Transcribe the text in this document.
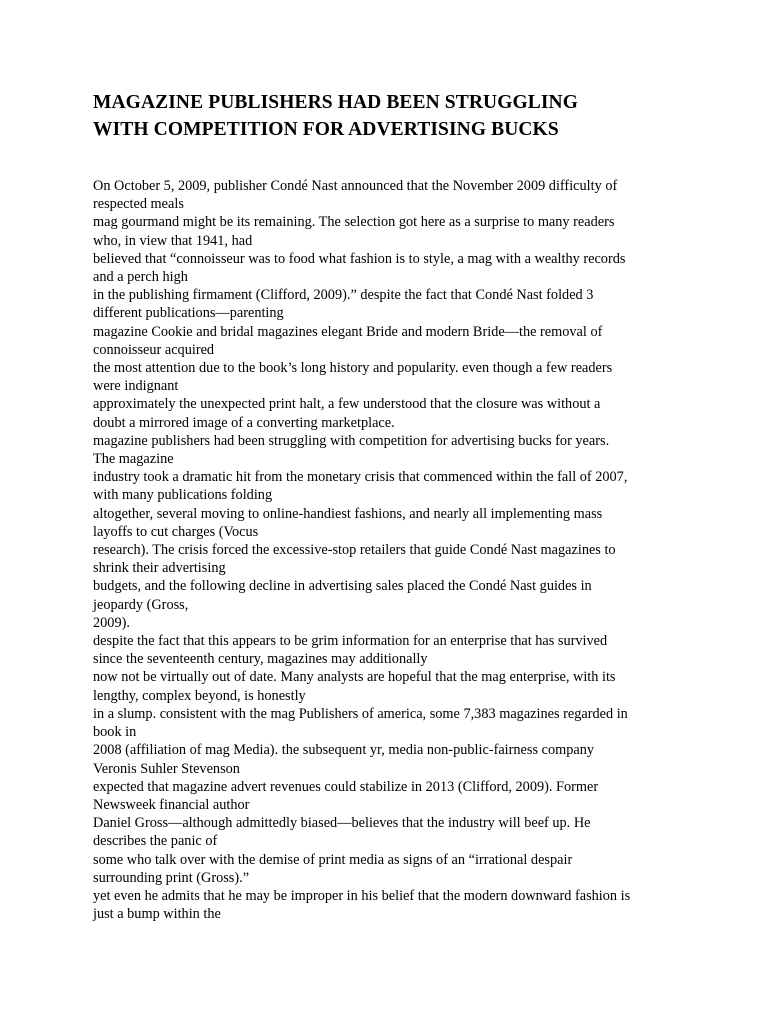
MAGAZINE PUBLISHERS HAD BEEN STRUGGLING
WITH COMPETITION FOR ADVERTISING BUCKS
On October 5, 2009, publisher Condé Nast announced that the November 2009 difficulty of
respected meals
mag gourmand might be its remaining. The selection got here as a surprise to many readers
who, in view that 1941, had
believed that “connoisseur was to food what fashion is to style, a mag with a wealthy records
and a perch high
in the publishing firmament (Clifford, 2009).” despite the fact that Condé Nast folded 3
different publications—parenting
magazine Cookie and bridal magazines elegant Bride and modern Bride—the removal of
connoisseur acquired
the most attention due to the book’s long history and popularity. even though a few readers
were indignant
approximately the unexpected print halt, a few understood that the closure was without a
doubt a mirrored image of a converting marketplace.
magazine publishers had been struggling with competition for advertising bucks for years.
The magazine
industry took a dramatic hit from the monetary crisis that commenced within the fall of 2007,
with many publications folding
altogether, several moving to online-handiest fashions, and nearly all implementing mass
layoffs to cut charges (Vocus
research). The crisis forced the excessive-stop retailers that guide Condé Nast magazines to
shrink their advertising
budgets, and the following decline in advertising sales placed the Condé Nast guides in
jeopardy (Gross,
2009).
despite the fact that this appears to be grim information for an enterprise that has survived
since the seventeenth century, magazines may additionally
now not be virtually out of date. Many analysts are hopeful that the mag enterprise, with its
lengthy, complex beyond, is honestly
in a slump. consistent with the mag Publishers of america, some 7,383 magazines regarded in
book in
2008 (affiliation of mag Media). the subsequent yr, media non-public-fairness company
Veronis Suhler Stevenson
expected that magazine advert revenues could stabilize in 2013 (Clifford, 2009). Former
Newsweek financial author
Daniel Gross—although admittedly biased—believes that the industry will beef up. He
describes the panic of
some who talk over with the demise of print media as signs of an “irrational despair
surrounding print (Gross).”
yet even he admits that he may be improper in his belief that the modern downward fashion is
just a bump within the
